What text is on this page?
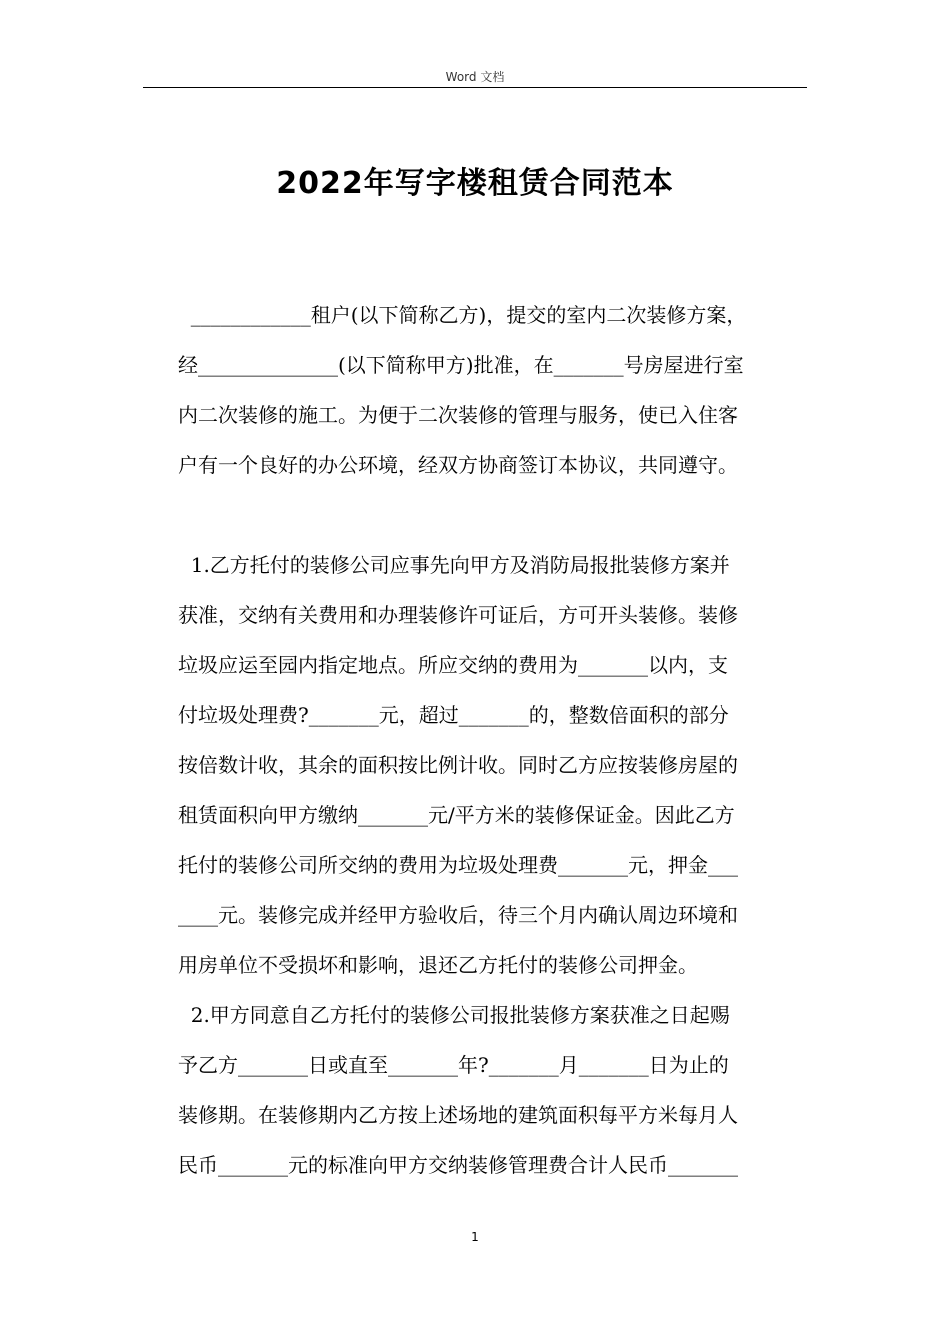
Word 文档
2022年写字楼租赁合同范本
____________租户(以下简称乙方)，提交的室内二次装修方案，
经______________(以下简称甲方)批准，在_______号房屋进行室
内二次装修的施工。为便于二次装修的管理与服务，使已入住客
户有一个良好的办公环境，经双方协商签订本协议，共同遵守。
1.乙方托付的装修公司应事先向甲方及消防局报批装修方案并
获准，交纳有关费用和办理装修许可证后，方可开头装修。装修
垃圾应运至园内指定地点。所应交纳的费用为_______以内，支
付垃圾处理费?_______元，超过_______的，整数倍面积的部分
按倍数计收，其余的面积按比例计收。同时乙方应按装修房屋的
租赁面积向甲方缴纳_______元/平方米的装修保证金。因此乙方
托付的装修公司所交纳的费用为垃圾处理费_______元，押金___
____元。装修完成并经甲方验收后，待三个月内确认周边环境和
用房单位不受损坏和影响，退还乙方托付的装修公司押金。
2.甲方同意自乙方托付的装修公司报批装修方案获准之日起赐
予乙方_______日或直至_______年?_______月_______日为止的
装修期。在装修期内乙方按上述场地的建筑面积每平方米每月人
民币_______元的标准向甲方交纳装修管理费合计人民币_______
1
